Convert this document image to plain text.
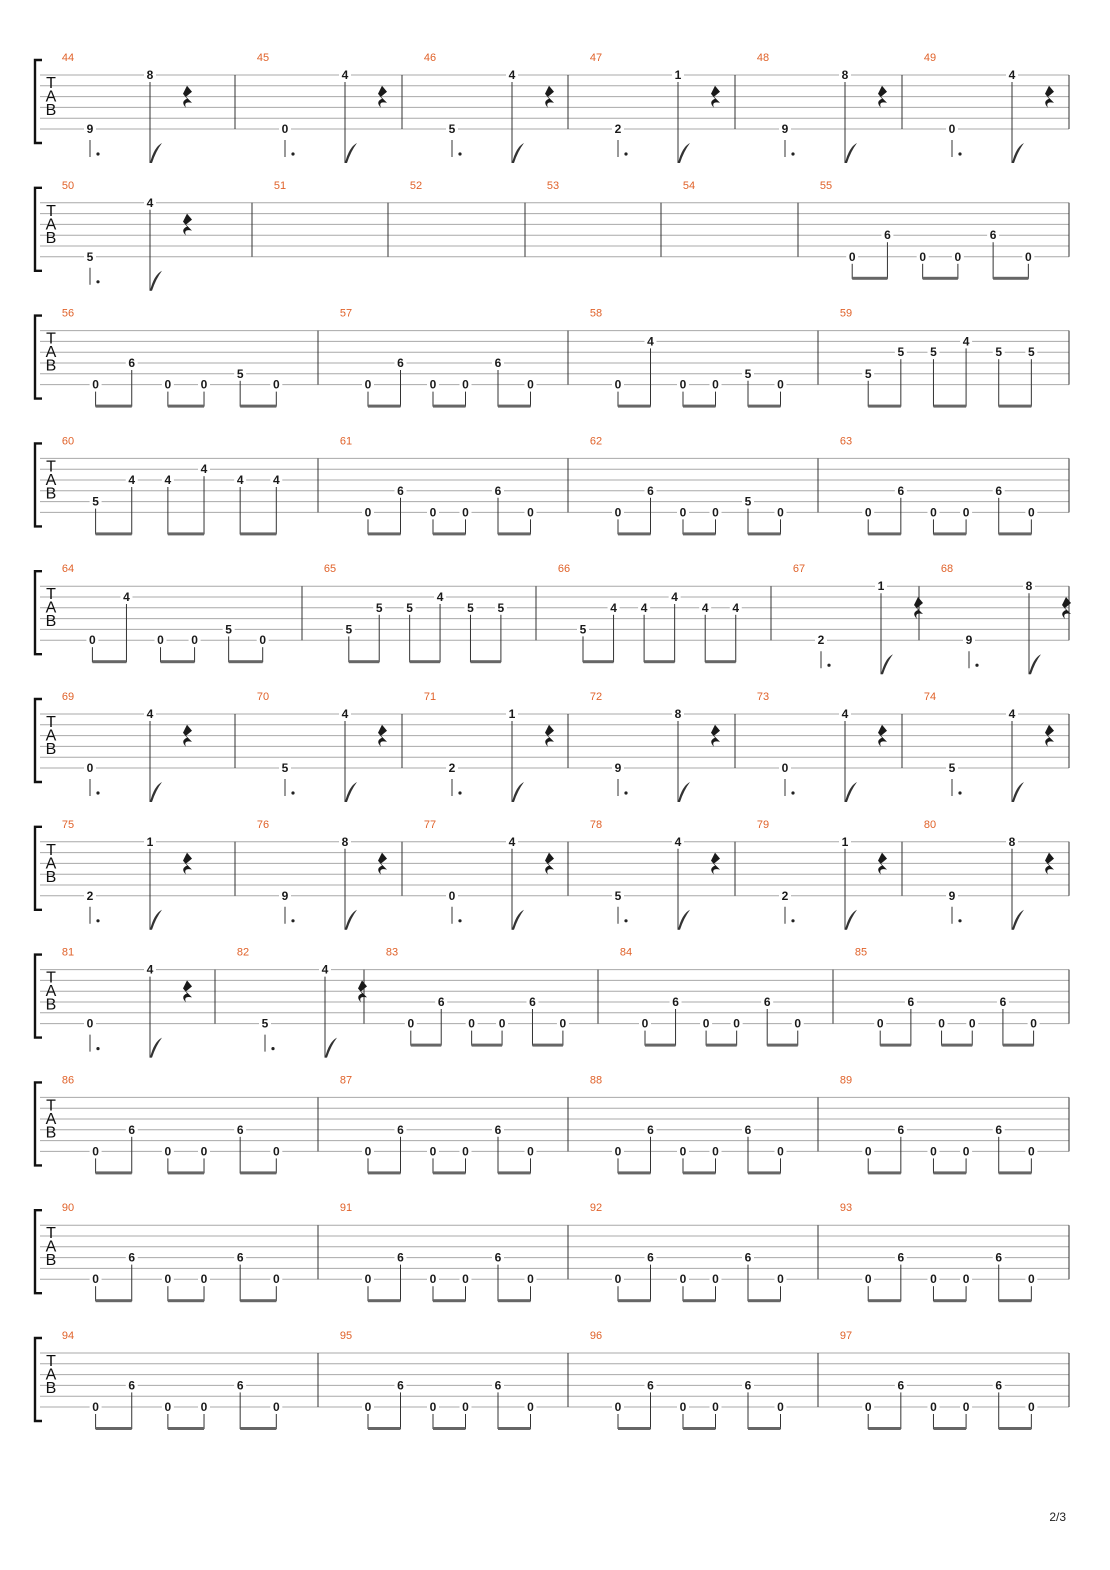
T
A
B
44
9
8
45
0
4
46
5
4
47
2
1
48
9
8
49
0
4
T
A
B
50
5
4
51	52	53	54	55
0
6
0 0
6
0
T
A
B
56
0
6
0 0
5
0
57
0
6
0 0
6
0
58
0
4
0 0
5
0
59
5
5 5
4
5 5
T
A
B
60
5
4 4
4
4 4
61
0
6
0 0
6
0
62
0
6
0 0
5
0
63
0
6
0 0
6
0
T
A
B
64
0
4
0 0
5
0
65
5
5 5
4
5 5
66
5
4 4
4
4 4
67
2
1
68
9
8
T
A
B
69
0
4
70
5
4
71
2
1
72
9
8
73
0
4
74
5
4
T
A
B
75
2
1
76
9
8
77
0
4
78
5
4
79
2
1
80
9
8
T
A
B
81
0
4
82
5
4
83
0
6
0 0
6
0
84
0
6
0 0
6
0
85
0
6
0 0
6
0
T
A
B
86
0
6
0 0
6
0
87
0
6
0 0
6
0
88
0
6
0 0
6
0
89
0
6
0 0
6
0
T
A
B
90
0
6
0 0
6
0
91
0
6
0 0
6
0
92
0
6
0 0
6
0
93
0
6
0 0
6
0
T
A
B
94
0
6
0 0
6
0
95
0
6
0 0
6
0
96
0
6
0 0
6
0
97
0
6
0 0
6
0
2/3
